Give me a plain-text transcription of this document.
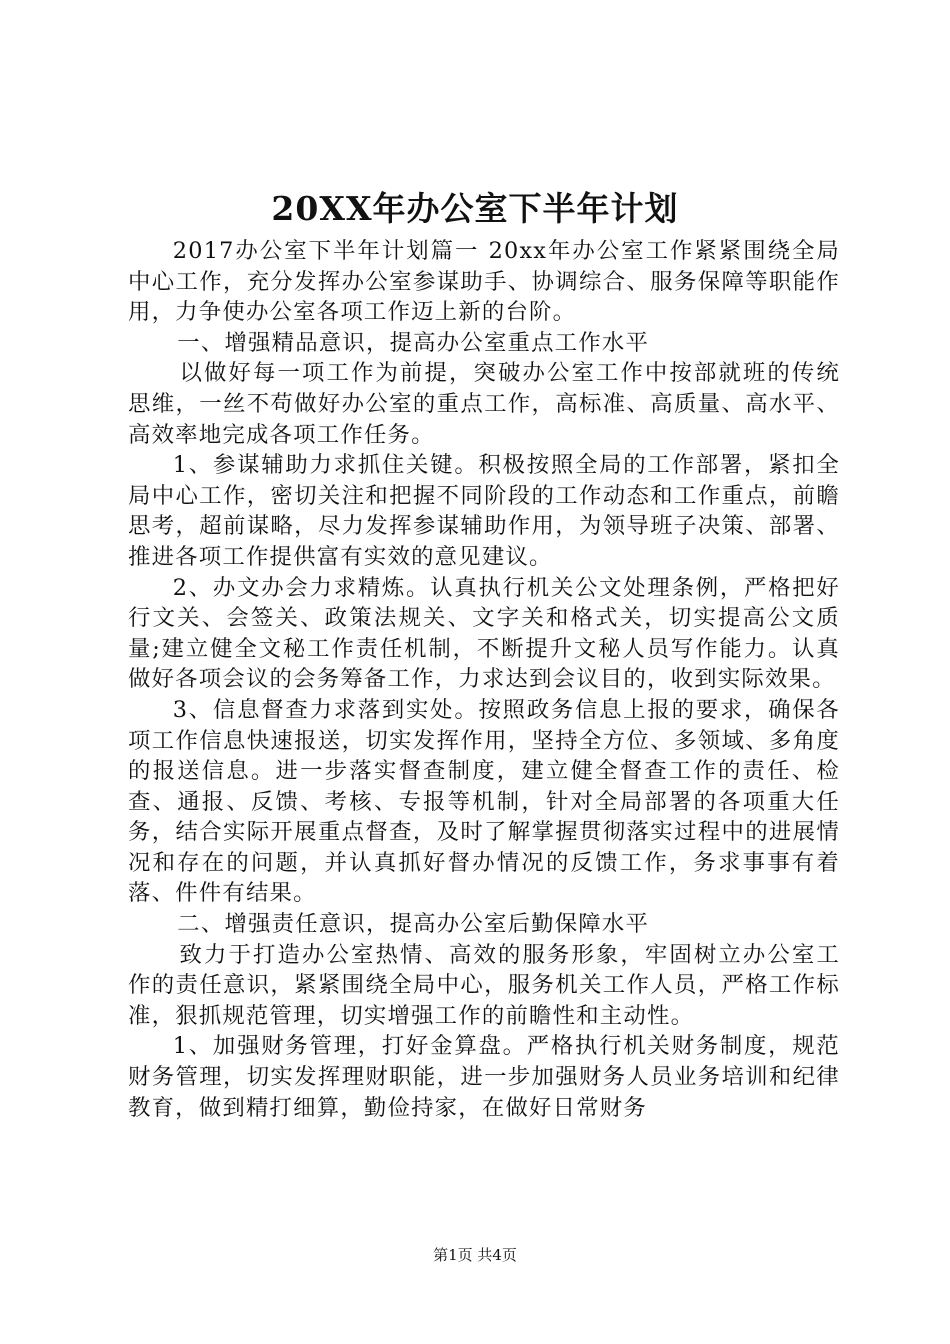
20XX年办公室下半年计划

2017办公室下半年计划篇一 20xx年办公室工作紧紧围绕全局中心工作，充分发挥办公室参谋助手、协调综合、服务保障等职能作用，力争使办公室各项工作迈上新的台阶。

一、增强精品意识，提高办公室重点工作水平

以做好每一项工作为前提，突破办公室工作中按部就班的传统思维，一丝不苟做好办公室的重点工作，高标准、高质量、高水平、高效率地完成各项工作任务。

1、参谋辅助力求抓住关键。积极按照全局的工作部署，紧扣全局中心工作，密切关注和把握不同阶段的工作动态和工作重点，前瞻思考，超前谋略，尽力发挥参谋辅助作用，为领导班子决策、部署、推进各项工作提供富有实效的意见建议。

2、办文办会力求精炼。认真执行机关公文处理条例，严格把好行文关、会签关、政策法规关、文字关和格式关，切实提高公文质量;建立健全文秘工作责任机制，不断提升文秘人员写作能力。认真做好各项会议的会务筹备工作，力求达到会议目的，收到实际效果。

3、信息督查力求落到实处。按照政务信息上报的要求，确保各项工作信息快速报送，切实发挥作用，坚持全方位、多领域、多角度的报送信息。进一步落实督查制度，建立健全督查工作的责任、检查、通报、反馈、考核、专报等机制，针对全局部署的各项重大任务，结合实际开展重点督查，及时了解掌握贯彻落实过程中的进展情况和存在的问题，并认真抓好督办情况的反馈工作，务求事事有着落、件件有结果。

二、增强责任意识，提高办公室后勤保障水平

致力于打造办公室热情、高效的服务形象，牢固树立办公室工作的责任意识，紧紧围绕全局中心，服务机关工作人员，严格工作标准，狠抓规范管理，切实增强工作的前瞻性和主动性。

1、加强财务管理，打好金算盘。严格执行机关财务制度，规范财务管理，切实发挥理财职能，进一步加强财务人员业务培训和纪律教育，做到精打细算，勤俭持家，在做好日常财务

第1页 共4页
